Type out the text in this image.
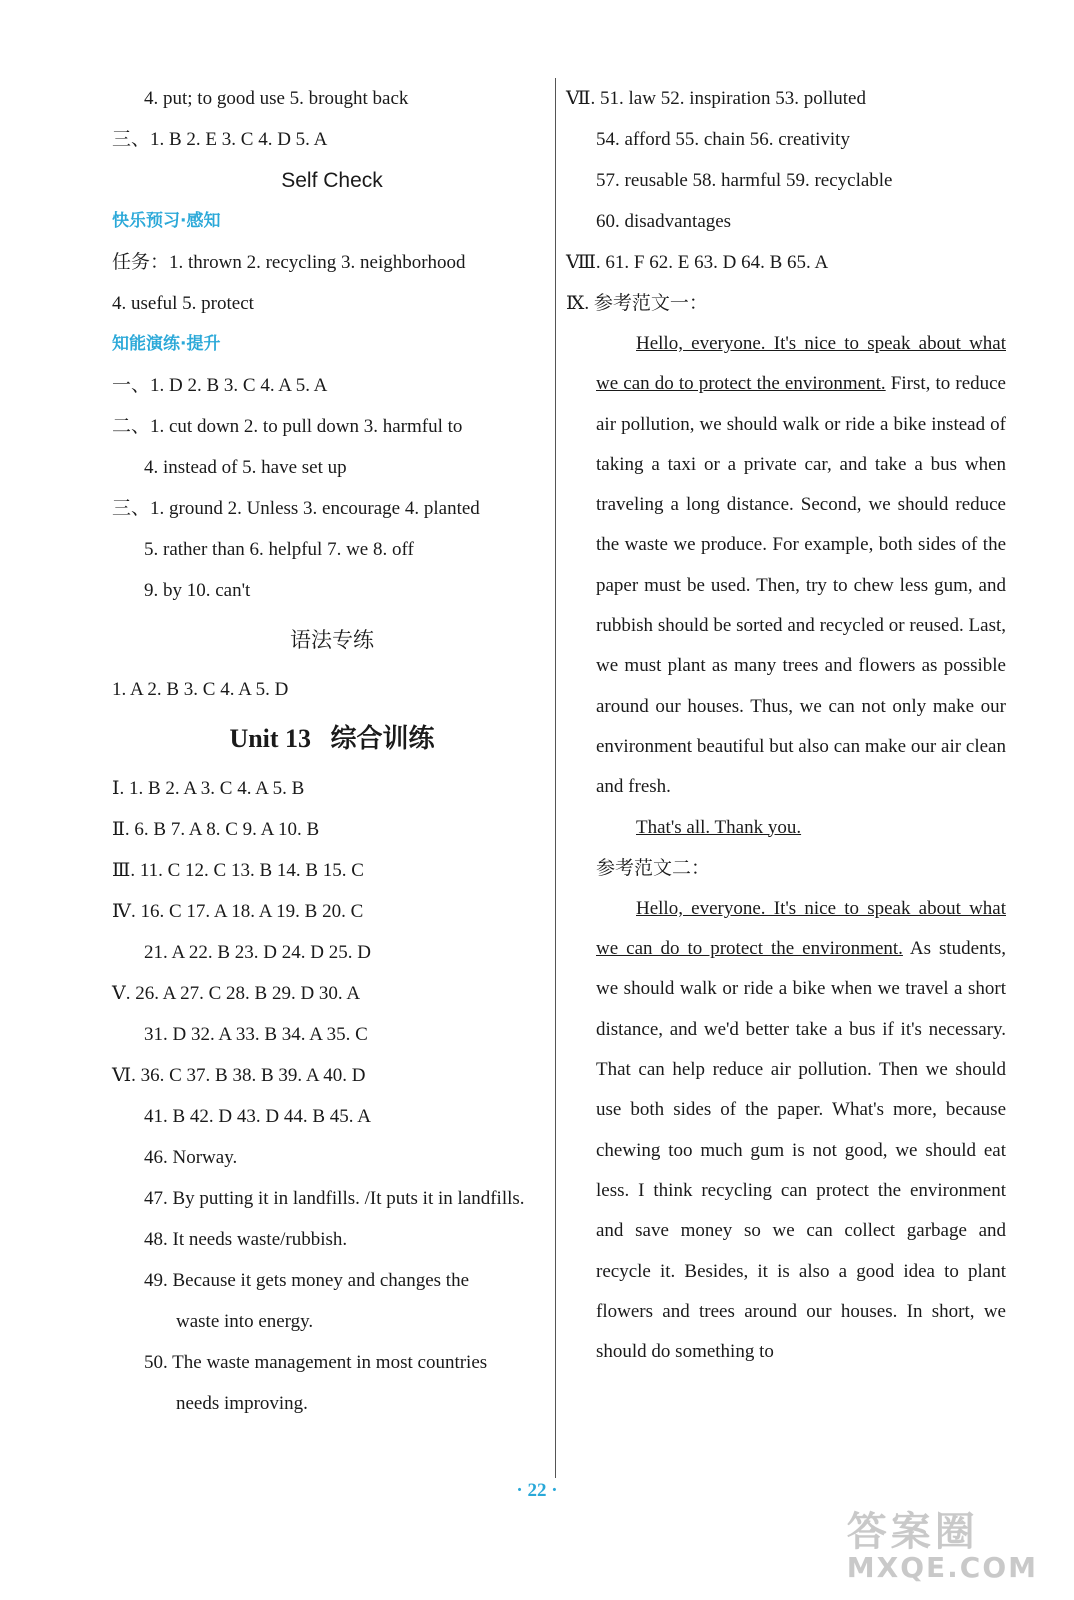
4. put; to good use 5. brought back
三、1. B 2. E 3. C 4. D 5. A
Self Check
快乐预习·感知
任务：1. thrown 2. recycling 3. neighborhood
4. useful 5. protect
知能演练·提升
一、1. D 2. B 3. C 4. A 5. A
二、1. cut down 2. to pull down 3. harmful to
4. instead of 5. have set up
三、1. ground 2. Unless 3. encourage 4. planted
5. rather than 6. helpful 7. we 8. off
9. by 10. can't
语法专练
1. A 2. B 3. C 4. A 5. D
Unit 13   综合训练
Ⅰ. 1. B 2. A 3. C 4. A 5. B
Ⅱ. 6. B 7. A 8. C 9. A 10. B
Ⅲ. 11. C 12. C 13. B 14. B 15. C
Ⅳ. 16. C 17. A 18. A 19. B 20. C
21. A 22. B 23. D 24. D 25. D
Ⅴ. 26. A 27. C 28. B 29. D 30. A
31. D 32. A 33. B 34. A 35. C
Ⅵ. 36. C 37. B 38. B 39. A 40. D
41. B 42. D 43. D 44. B 45. A
46. Norway.
47. By putting it in landfills. /It puts it in landfills.
48. It needs waste/rubbish.
49. Because it gets money and changes the
waste into energy.
50. The waste management in most countries
needs improving.
Ⅶ. 51. law 52. inspiration 53. polluted
54. afford 55. chain 56. creativity
57. reusable 58. harmful 59. recyclable
60. disadvantages
Ⅷ. 61. F 62. E 63. D 64. B 65. A
Ⅸ. 参考范文一：

Hello, everyone. It's nice to speak about what we can do to protect the environment. First, to reduce air pollution, we should walk or ride a bike instead of taking a taxi or a private car, and take a bus when traveling a long distance. Second, we should reduce the waste we produce. For example, both sides of the paper must be used. Then, try to chew less gum, and rubbish should be sorted and recycled or reused. Last, we must plant as many trees and flowers as possible around our houses. Thus, we can not only make our environment beautiful but also can make our air clean and fresh.

That's all. Thank you.

参考范文二：

Hello, everyone. It's nice to speak about what we can do to protect the environment. As students, we should walk or ride a bike when we travel a short distance, and we'd better take a bus if it's necessary. That can help reduce air pollution. Then we should use both sides of the paper. What's more, because chewing too much gum is not good, we should eat less. I think recycling can protect the environment and save money so we can collect garbage and recycle it. Besides, it is also a good idea to plant flowers and trees around our houses. In short, we should do something to

· 22 ·
答案圈
MXQE.COM
